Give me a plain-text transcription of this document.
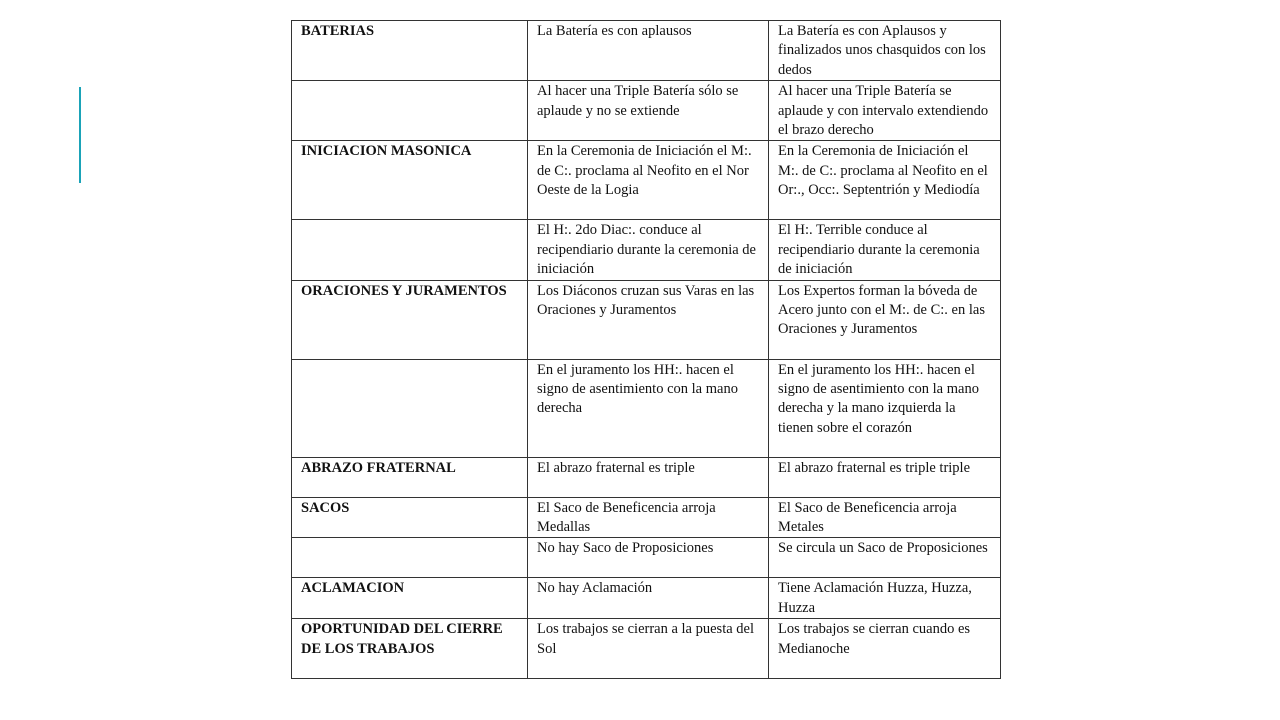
BATERIAS	La Batería es con aplausos	La Batería es con Aplausos y finalizados unos chasquidos con los dedos
	Al hacer una Triple Batería sólo se aplaude y no se extiende	Al hacer una Triple Batería se aplaude y con intervalo extendiendo el brazo derecho
INICIACION MASONICA	En la Ceremonia de Iniciación el M:. de C:. proclama al Neofito en el Nor Oeste de la Logia	En la Ceremonia de Iniciación el M:. de C:. proclama al Neofito en el Or:., Occ:. Septentrión y Mediodía
	El H:. 2do Diac:. conduce al recipendiario durante la ceremonia de iniciación	El H:. Terrible conduce al recipendiario durante la ceremonia de iniciación
ORACIONES Y JURAMENTOS	Los Diáconos cruzan sus Varas en las Oraciones y Juramentos	Los Expertos forman la bóveda de Acero junto con el M:. de C:. en las Oraciones y Juramentos
	En el juramento los HH:. hacen el signo de asentimiento con la mano derecha	En el juramento los HH:. hacen el signo de asentimiento con la mano derecha y la mano izquierda la tienen sobre el corazón
ABRAZO FRATERNAL	El abrazo fraternal es triple	El abrazo fraternal es triple triple
SACOS	El Saco de Beneficencia arroja Medallas	El Saco de Beneficencia arroja Metales
	No hay Saco de Proposiciones	Se circula un Saco de Proposiciones
ACLAMACION	No hay Aclamación	Tiene Aclamación Huzza, Huzza, Huzza
OPORTUNIDAD DEL CIERRE DE LOS TRABAJOS	Los trabajos se cierran a la puesta del Sol	Los trabajos se cierran cuando es Medianoche
